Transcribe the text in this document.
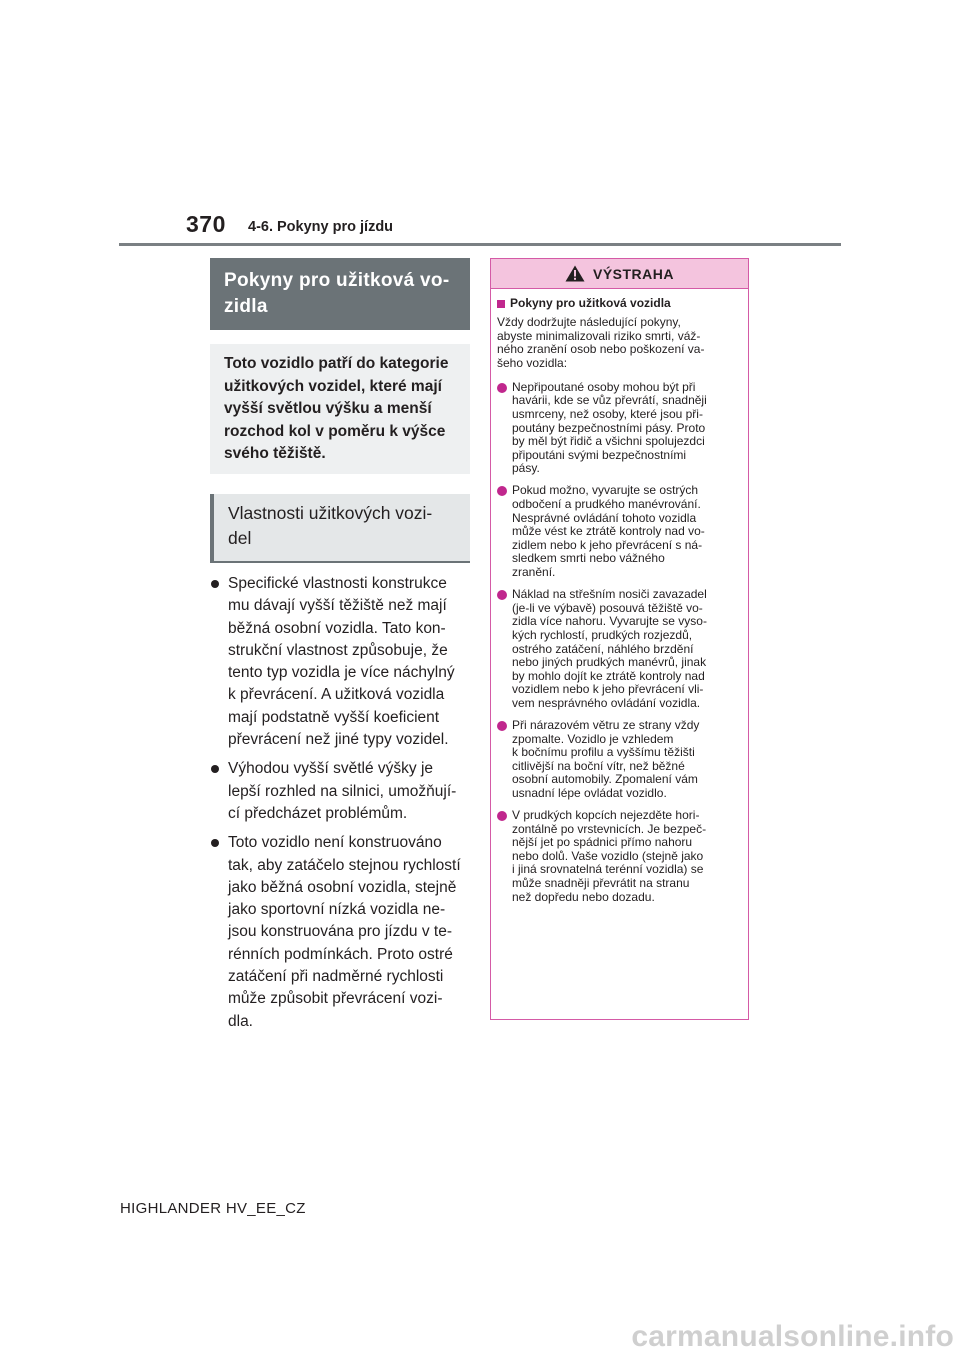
370 4-6. Pokyny pro jízdu
Pokyny pro užitková vo-
zidla
Toto vozidlo patří do kategorie
užitkových vozidel, které mají
vyšší světlou výšku a menší
rozchod kol v poměru k výšce
svého těžiště.
Vlastnosti užitkových vozi-
del
Specifické vlastnosti konstrukce
mu dávají vyšší těžiště než mají
běžná osobní vozidla. Tato kon-
strukční vlastnost způsobuje, že
tento typ vozidla je více náchylný
k převrácení. A užitková vozidla
mají podstatně vyšší koeficient
převrácení než jiné typy vozidel.
Výhodou vyšší světlé výšky je
lepší rozhled na silnici, umožňují-
cí předcházet problémům.
Toto vozidlo není konstruováno
tak, aby zatáčelo stejnou rychlostí
jako běžná osobní vozidla, stejně
jako sportovní nízká vozidla ne-
jsou konstruována pro jízdu v te-
rénních podmínkách. Proto ostré
zatáčení při nadměrné rychlosti
může způsobit převrácení vozi-
dla.
VÝSTRAHA
Pokyny pro užitková vozidla
Vždy dodržujte následující pokyny,
abyste minimalizovali riziko smrti, váž-
ného zranění osob nebo poškození va-
šeho vozidla:
Nepřipoutané osoby mohou být při
havárii, kde se vůz převrátí, snadněji
usmrceny, než osoby, které jsou při-
poutány bezpečnostními pásy. Proto
by měl být řidič a všichni spolujezdci
připoutáni svými bezpečnostními
pásy.
Pokud možno, vyvarujte se ostrých
odbočení a prudkého manévrování.
Nesprávné ovládání tohoto vozidla
může vést ke ztrátě kontroly nad vo-
zidlem nebo k jeho převrácení s ná-
sledkem smrti nebo vážného
zranění.
Náklad na střešním nosiči zavazadel
(je-li ve výbavě) posouvá těžiště vo-
zidla více nahoru. Vyvarujte se vyso-
kých rychlostí, prudkých rozjezdů,
ostrého zatáčení, náhlého brzdění
nebo jiných prudkých manévrů, jinak
by mohlo dojít ke ztrátě kontroly nad
vozidlem nebo k jeho převrácení vli-
vem nesprávného ovládání vozidla.
Při nárazovém větru ze strany vždy
zpomalte. Vozidlo je vzhledem
k bočnímu profilu a vyššímu těžišti
citlivější na boční vítr, než běžné
osobní automobily. Zpomalení vám
usnadní lépe ovládat vozidlo.
V prudkých kopcích nejezděte hori-
zontálně po vrstevnicích. Je bezpeč-
nější jet po spádnici přímo nahoru
nebo dolů. Vaše vozidlo (stejně jako
i jiná srovnatelná terénní vozidla) se
může snadněji převrátit na stranu
než dopředu nebo dozadu.
HIGHLANDER HV_EE_CZ
carmanualsonline.info
